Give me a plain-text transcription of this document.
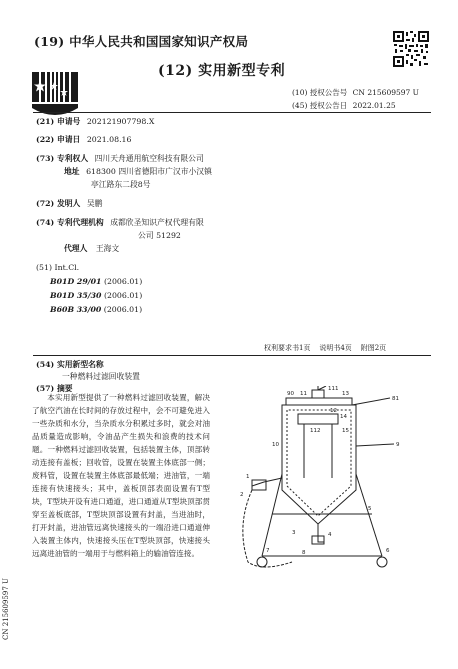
(19) 中华人民共和国国家知识产权局
(12) 实用新型专利
(10) 授权公告号 CN 215609597 U
(45) 授权公告日 2022.01.25
(21) 申请号 202121907798.X
(22) 申请日 2021.08.16
(73) 专利权人 四川天舟通用航空科技有限公司
地址 618300 四川省德阳市广汉市小汉镇
亭江路东二段8号
(72) 发明人 吴鹏
(74) 专利代理机构 成都欣圣知识产权代理有限
公司 51292
代理人 王海文
(51) Int.Cl.
B01D 29/01 (2006.01)
B01D 35/30 (2006.01)
B60B 33/00 (2006.01)
权利要求书1页    说明书4页    附图2页
(54) 实用新型名称
一种燃料过滤回收装置
(57) 摘要
本实用新型提供了一种燃料过滤回收装置，解决了航空汽油在长时间的存放过程中，会不可避免进入一些杂质和水分，当杂质水分积累过多时，就会对油品质量造成影响，令油品产生损失和浪费的技术问题。一种燃料过滤回收装置，包括装置主体，顶部转动连接有盖板；回收管，设置在装置主体底部一侧；废料管，设置在装置主体底部最低端；进油管，一端连接有快速接头；其中，盖板顶部表面设置有T型块，T型块开设有进口通道，进口通道从T型块顶部贯穿至盖板底部，T型块顶部设置有封盖，当进油时，打开封盖，进油管远离快速接头的一端沿进口通道伸入装置主体内，快速接头压在T型块顶部，快速接头远离进油管的一端用于与燃料箱上的输油管连接。
90 11
111
13
81
12
112
14
15
9
10
1
2
3	4
5
6
7	8
CN 215609597 U
